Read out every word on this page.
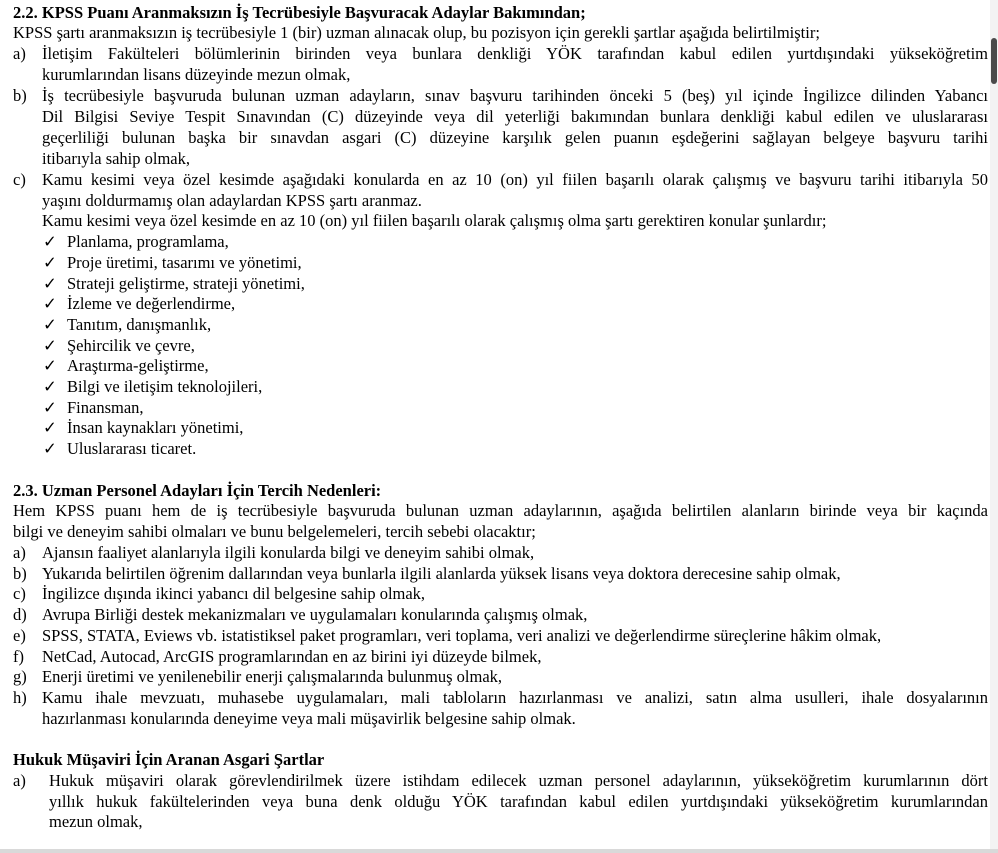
2.2. KPSS Puanı Aranmaksızın İş Tecrübesiyle Başvuracak Adaylar Bakımından;
KPSS şartı aranmaksızın iş tecrübesiyle 1 (bir) uzman alınacak olup, bu pozisyon için gerekli şartlar aşağıda belirtilmiştir;
a) İletişim Fakülteleri bölümlerinin birinden veya bunlara denkliği YÖK tarafından kabul edilen yurtdışındaki yükseköğretim
kurumlarından lisans düzeyinde mezun olmak,
b) İş tecrübesiyle başvuruda bulunan uzman adayların, sınav başvuru tarihinden önceki 5 (beş) yıl içinde İngilizce dilinden Yabancı
Dil Bilgisi Seviye Tespit Sınavından (C) düzeyinde veya dil yeterliği bakımından bunlara denkliği kabul edilen ve uluslararası
geçerliliği bulunan başka bir sınavdan asgari (C) düzeyine karşılık gelen puanın eşdeğerini sağlayan belgeye başvuru tarihi
itibarıyla sahip olmak,
c) Kamu kesimi veya özel kesimde aşağıdaki konularda en az 10 (on) yıl fiilen başarılı olarak çalışmış ve başvuru tarihi itibarıyla 50
yaşını doldurmamış olan adaylardan KPSS şartı aranmaz.
Kamu kesimi veya özel kesimde en az 10 (on) yıl fiilen başarılı olarak çalışmış olma şartı gerektiren konular şunlardır;
✓ Planlama, programlama,
✓ Proje üretimi, tasarımı ve yönetimi,
✓ Strateji geliştirme, strateji yönetimi,
✓ İzleme ve değerlendirme,
✓ Tanıtım, danışmanlık,
✓ Şehircilik ve çevre,
✓ Araştırma-geliştirme,
✓ Bilgi ve iletişim teknolojileri,
✓ Finansman,
✓ İnsan kaynakları yönetimi,
✓ Uluslararası ticaret.
2.3. Uzman Personel Adayları İçin Tercih Nedenleri:
Hem KPSS puanı hem de iş tecrübesiyle başvuruda bulunan uzman adaylarının, aşağıda belirtilen alanların birinde veya bir kaçında
bilgi ve deneyim sahibi olmaları ve bunu belgelemeleri, tercih sebebi olacaktır;
a) Ajansın faaliyet alanlarıyla ilgili konularda bilgi ve deneyim sahibi olmak,
b) Yukarıda belirtilen öğrenim dallarından veya bunlarla ilgili alanlarda yüksek lisans veya doktora derecesine sahip olmak,
c) İngilizce dışında ikinci yabancı dil belgesine sahip olmak,
d) Avrupa Birliği destek mekanizmaları ve uygulamaları konularında çalışmış olmak,
e) SPSS, STATA, Eviews vb. istatistiksel paket programları, veri toplama, veri analizi ve değerlendirme süreçlerine hâkim olmak,
f) NetCad, Autocad, ArcGIS programlarından en az birini iyi düzeyde bilmek,
g) Enerji üretimi ve yenilenebilir enerji çalışmalarında bulunmuş olmak,
h) Kamu ihale mevzuatı, muhasebe uygulamaları, mali tabloların hazırlanması ve analizi, satın alma usulleri, ihale dosyalarının
hazırlanması konularında deneyime veya mali müşavirlik belgesine sahip olmak.
Hukuk Müşaviri İçin Aranan Asgari Şartlar
a) Hukuk müşaviri olarak görevlendirilmek üzere istihdam edilecek uzman personel adaylarının, yükseköğretim kurumlarının dört
yıllık hukuk fakültelerinden veya buna denk olduğu YÖK tarafından kabul edilen yurtdışındaki yükseköğretim kurumlarından
mezun olmak,
